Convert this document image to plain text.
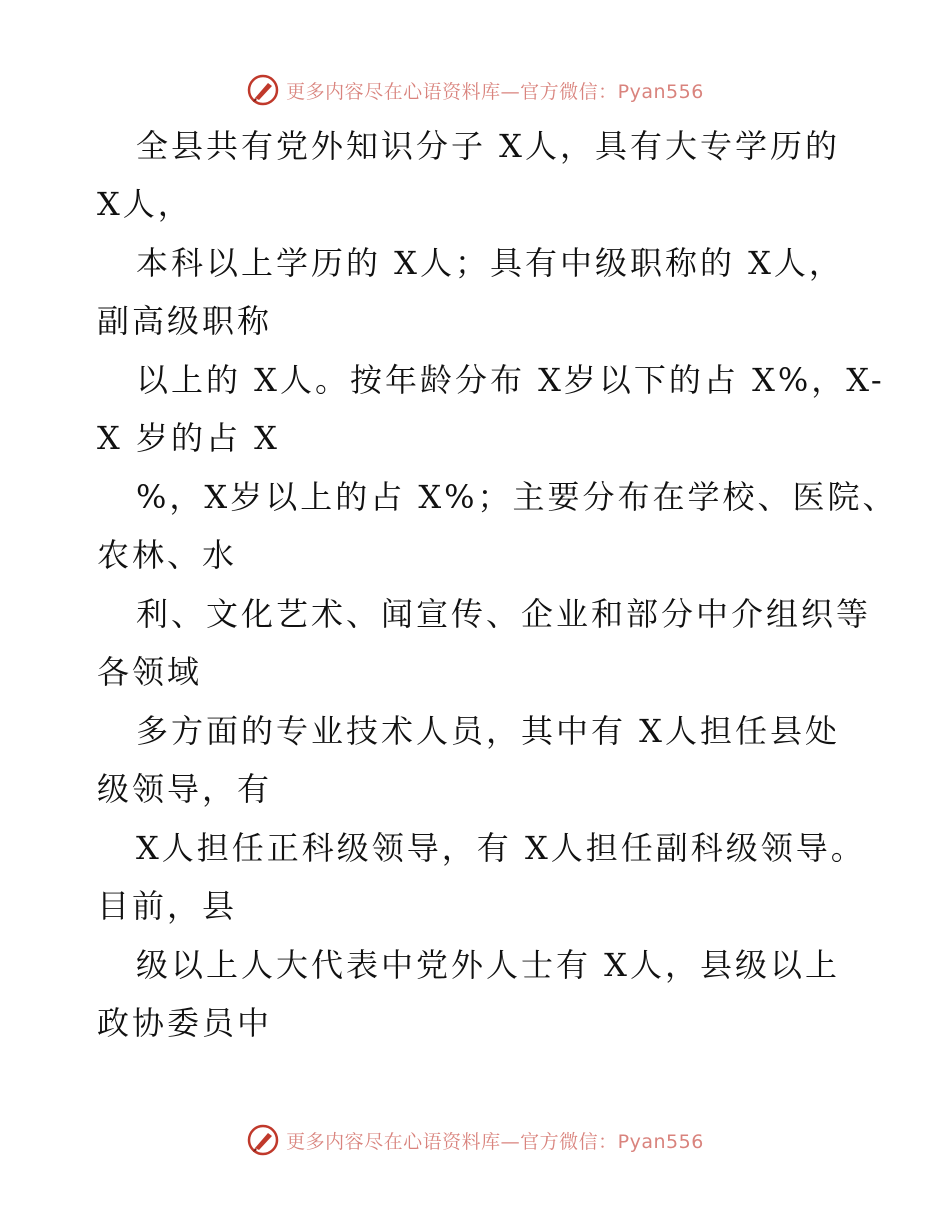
更多内容尽在心语资料库—官方微信：Pyan556
全县共有党外知识分子 X人，具有大专学历的
X人，
本科以上学历的 X人；具有中级职称的 X人，
副高级职称
以上的 X人。按年龄分布 X岁以下的占 X%，X-
X 岁的占 X
%，X岁以上的占 X%；主要分布在学校、医院、
农林、水
利、文化艺术、闻宣传、企业和部分中介组织等
各领域
多方面的专业技术人员，其中有 X人担任县处
级领导，有
X人担任正科级领导，有 X人担任副科级领导。
目前，县
级以上人大代表中党外人士有 X人，县级以上
政协委员中
更多内容尽在心语资料库—官方微信：Pyan556
